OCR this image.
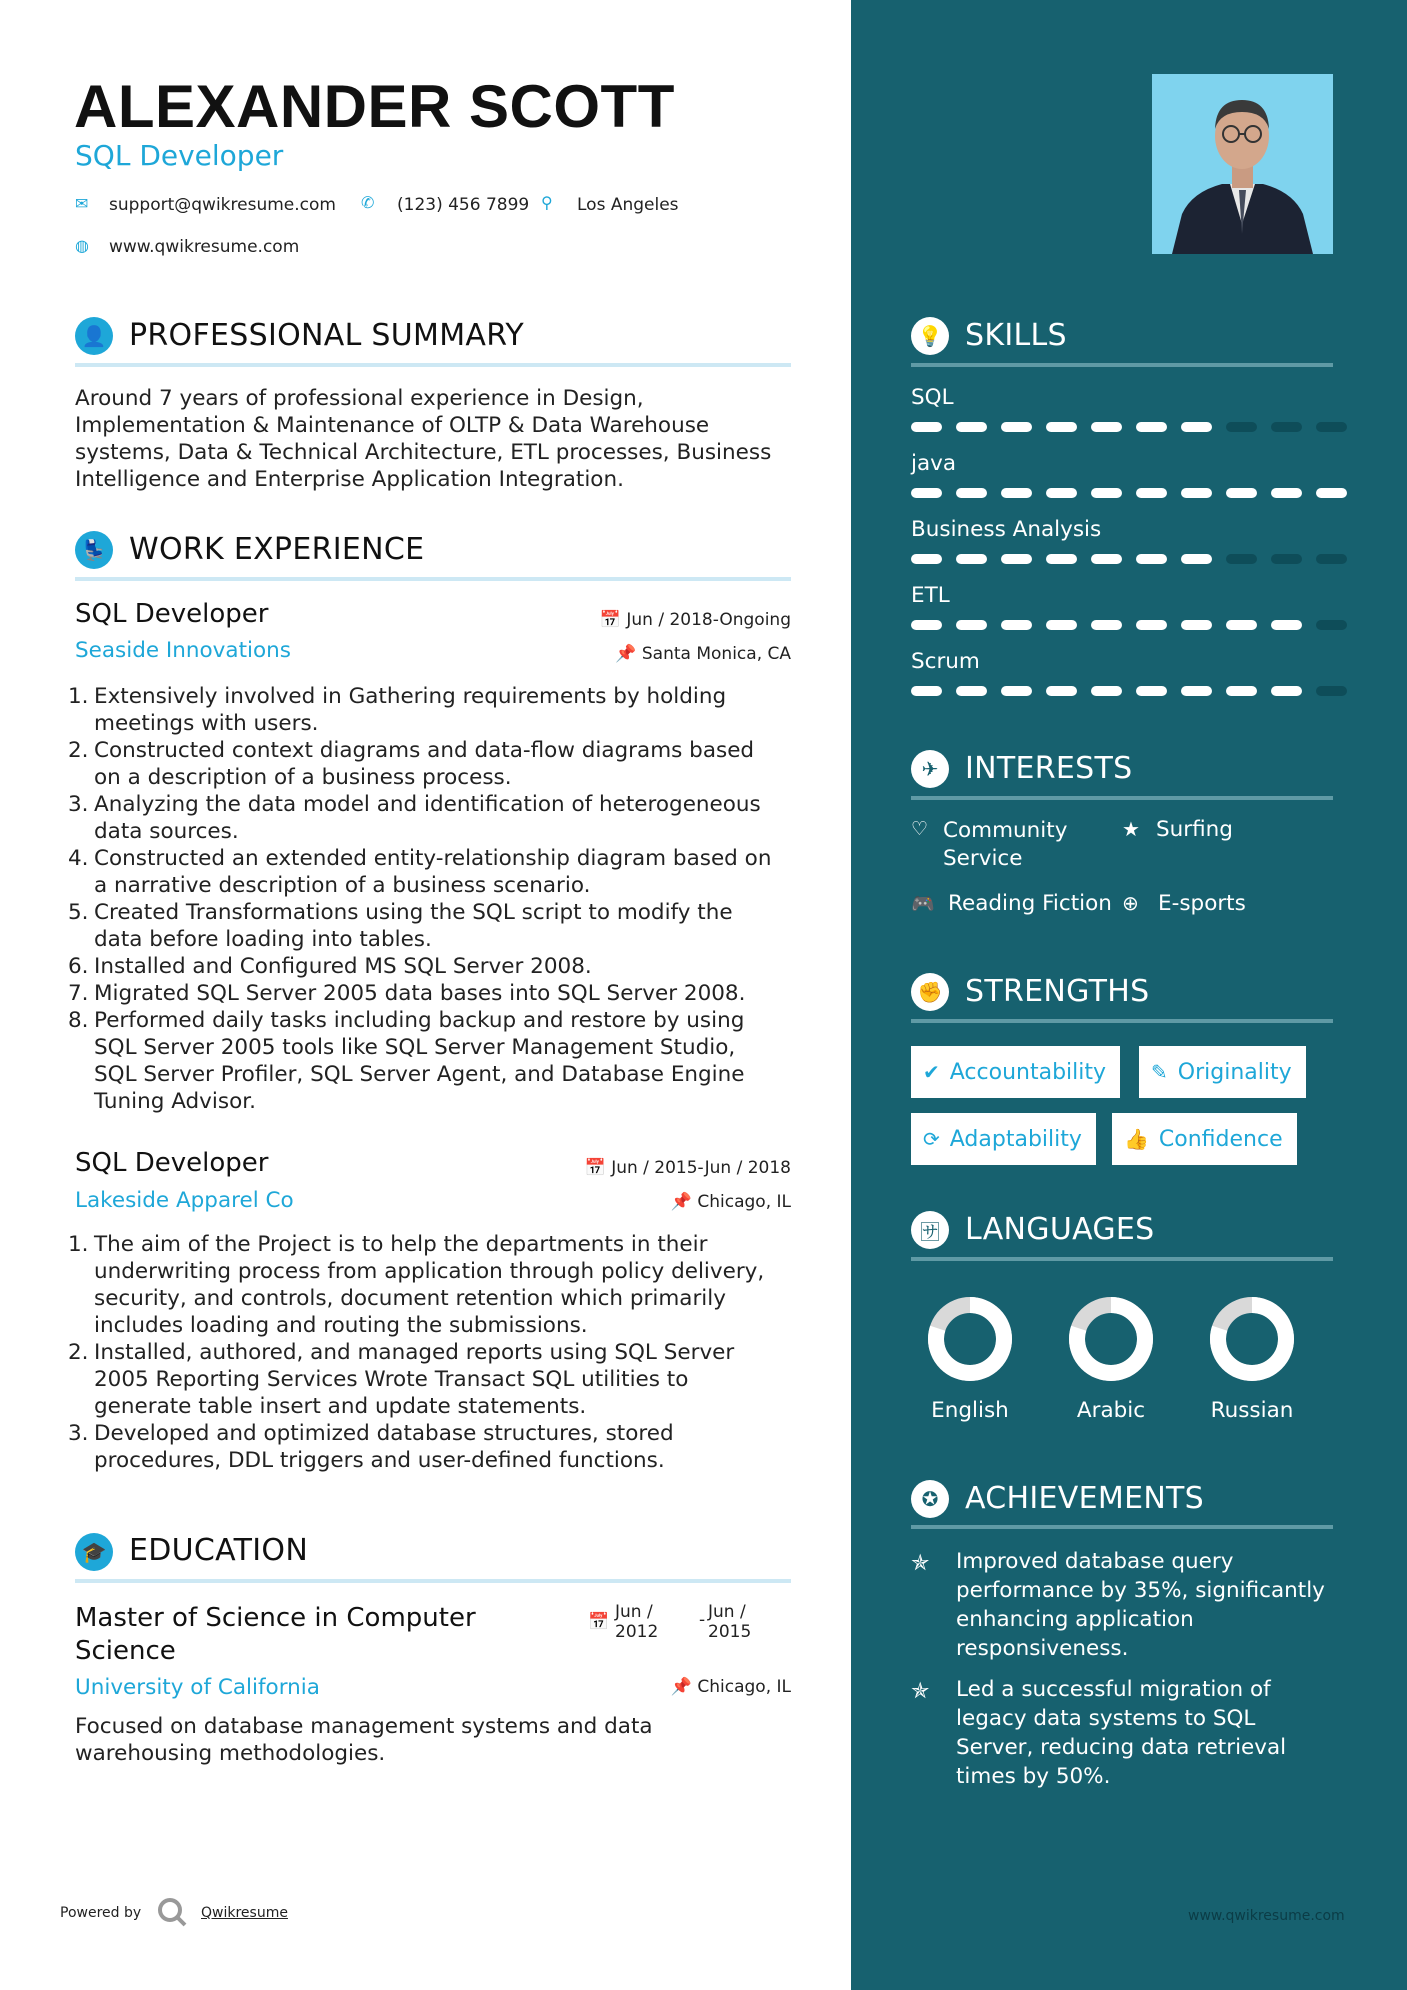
ALEXANDER SCOTT
SQL Developer
✉ support@qwikresume.com ✆ (123) 456 7899 ⚲ Los Angeles
◍ www.qwikresume.com
👤 PROFESSIONAL SUMMARY
Around 7 years of professional experience in Design,
Implementation & Maintenance of OLTP & Data Warehouse
systems, Data & Technical Architecture, ETL processes, Business
Intelligence and Enterprise Application Integration.
💺 WORK EXPERIENCE
SQL Developer
Seaside Innovations
📅 Jun / 2018-Ongoing
📌 Santa Monica, CA
1. Extensively involved in Gathering requirements by holding
meetings with users.
2. Constructed context diagrams and data-flow diagrams based
on a description of a business process.
3. Analyzing the data model and identification of heterogeneous
data sources.
4. Constructed an extended entity-relationship diagram based on
a narrative description of a business scenario.
5. Created Transformations using the SQL script to modify the
data before loading into tables.
6. Installed and Configured MS SQL Server 2008.
7. Migrated SQL Server 2005 data bases into SQL Server 2008.
8. Performed daily tasks including backup and restore by using
SQL Server 2005 tools like SQL Server Management Studio,
SQL Server Profiler, SQL Server Agent, and Database Engine
Tuning Advisor.
SQL Developer
Lakeside Apparel Co
📅 Jun / 2015-Jun / 2018
📌 Chicago, IL
1. The aim of the Project is to help the departments in their
underwriting process from application through policy delivery,
security, and controls, document retention which primarily
includes loading and routing the submissions.
2. Installed, authored, and managed reports using SQL Server
2005 Reporting Services Wrote Transact SQL utilities to
generate table insert and update statements.
3. Developed and optimized database structures, stored
procedures, DDL triggers and user-defined functions.
🎓 EDUCATION
Master of Science in Computer
Science
📅 Jun /
2012
- Jun /
2015
University of California	📌 Chicago, IL
Focused on database management systems and data
warehousing methodologies.
Powered by	Qwikresume
💡 SKILLS
SQL
java
Business Analysis
ETL
Scrum
✈ INTERESTS
♡ Community
Service
★ Surfing
🎮 Reading Fiction ⊕ E-sports
✊ STRENGTHS
✔ Accountability ✎ Originality
⟳ Adaptability 👍 Confidence
🈂 LANGUAGES
English	Arabic	Russian
✪ ACHIEVEMENTS
✯ Improved database query
performance by 35%, significantly
enhancing application
responsiveness.
✯ Led a successful migration of
legacy data systems to SQL
Server, reducing data retrieval
times by 50%.
www.qwikresume.com
